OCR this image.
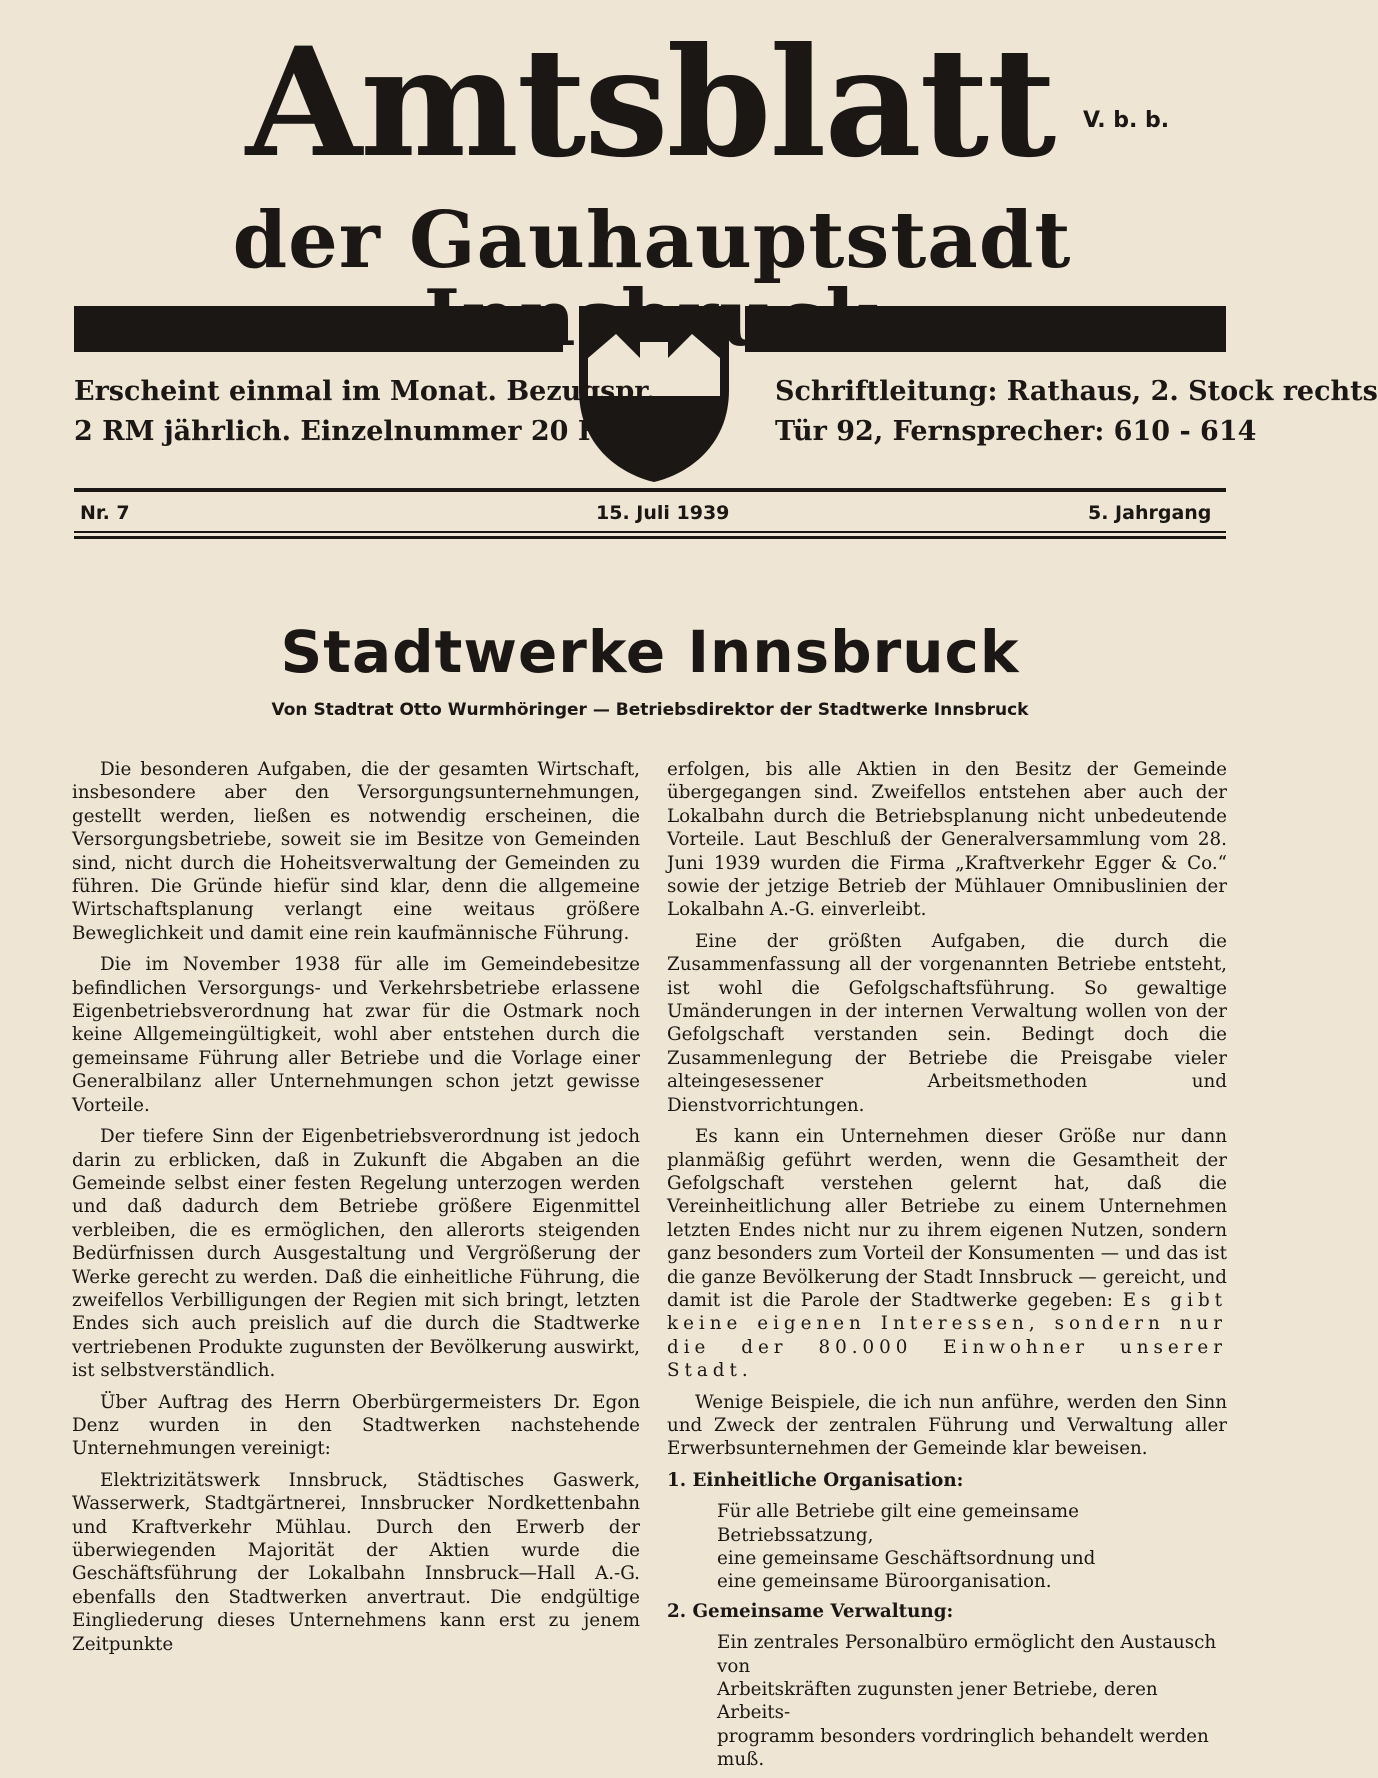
Amtsblatt	V. b. b.
der Gauhauptstadt
Erscheint einmal im Monat. Bezugspr.
2 RM jährlich. Einzelnummer 20 Rpf.
Schriftleitung: Rathaus, 2. Stock rechts
Tür 92, Fernsprecher: 610 - 614
Nr. 7	15. Juli 1939	5. Jahrgang
Stadtwerke Innsbruck
Von Stadtrat Otto Wurmhöringer — Betriebsdirektor der Stadtwerke Innsbruck

Die besonderen Aufgaben, die der gesamten Wirtschaft, insbesondere aber den Versorgungsunternehmungen, gestellt werden, ließen es notwendig erscheinen, die Versorgungsbetriebe, soweit sie im Besitze von Gemeinden sind, nicht durch die Hoheitsverwaltung der Gemeinden zu führen. Die Gründe hiefür sind klar, denn die allgemeine Wirtschaftsplanung verlangt eine weitaus größere Beweglichkeit und damit eine rein kaufmännische Führung.

Die im November 1938 für alle im Gemeindebesitze befindlichen Versorgungs- und Verkehrsbetriebe erlassene Eigenbetriebsverordnung hat zwar für die Ostmark noch keine Allgemeingültigkeit, wohl aber entstehen durch die gemeinsame Führung aller Betriebe und die Vorlage einer Generalbilanz aller Unternehmungen schon jetzt gewisse Vorteile.

Der tiefere Sinn der Eigenbetriebsverordnung ist jedoch darin zu erblicken, daß in Zukunft die Abgaben an die Gemeinde selbst einer festen Regelung unterzogen werden und daß dadurch dem Betriebe größere Eigenmittel verbleiben, die es ermöglichen, den allerorts steigenden Bedürfnissen durch Ausgestaltung und Vergrößerung der Werke gerecht zu werden. Daß die einheitliche Führung, die zweifellos Verbilligungen der Regien mit sich bringt, letzten Endes sich auch preislich auf die durch die Stadtwerke vertriebenen Produkte zugunsten der Bevölkerung auswirkt, ist selbstverständlich.

Über Auftrag des Herrn Oberbürgermeisters Dr. Egon Denz wurden in den Stadtwerken nachstehende Unternehmungen vereinigt:

Elektrizitätswerk Innsbruck, Städtisches Gaswerk, Wasserwerk, Stadtgärtnerei, Innsbrucker Nordkettenbahn und Kraftverkehr Mühlau. Durch den Erwerb der überwiegenden Majorität der Aktien wurde die Geschäftsführung der Lokalbahn Innsbruck—Hall A.-G. ebenfalls den Stadtwerken anvertraut. Die endgültige Eingliederung dieses Unternehmens kann erst zu jenem Zeitpunkte

erfolgen, bis alle Aktien in den Besitz der Gemeinde übergegangen sind. Zweifellos entstehen aber auch der Lokalbahn durch die Betriebsplanung nicht unbedeutende Vorteile. Laut Beschluß der Generalversammlung vom 28. Juni 1939 wurden die Firma „Kraftverkehr Egger & Co.“ sowie der jetzige Betrieb der Mühlauer Omnibuslinien der Lokalbahn A.-G. einverleibt.

Eine der größten Aufgaben, die durch die Zusammenfassung all der vorgenannten Betriebe entsteht, ist wohl die Gefolgschaftsführung. So gewaltige Umänderungen in der internen Verwaltung wollen von der Gefolgschaft verstanden sein. Bedingt doch die Zusammenlegung der Betriebe die Preisgabe vieler alteingesessener Arbeitsmethoden und Dienstvorrichtungen.

Es kann ein Unternehmen dieser Größe nur dann planmäßig geführt werden, wenn die Gesamtheit der Gefolgschaft verstehen gelernt hat, daß die Vereinheitlichung aller Betriebe zu einem Unternehmen letzten Endes nicht nur zu ihrem eigenen Nutzen, sondern ganz besonders zum Vorteil der Konsumenten — und das ist die ganze Bevölkerung der Stadt Innsbruck — gereicht, und damit ist die Parole der Stadtwerke gegeben: Es gibt keine eigenen Interessen, sondern nur die der 80.000 Einwohner unserer Stadt.

Wenige Beispiele, die ich nun anführe, werden den Sinn und Zweck der zentralen Führung und Verwaltung aller Erwerbsunternehmen der Gemeinde klar beweisen.

1. Einheitliche Organisation:

Für alle Betriebe gilt eine gemeinsame Betriebssatzung,
eine gemeinsame Geschäftsordnung und
eine gemeinsame Büroorganisation.

2. Gemeinsame Verwaltung:

Ein zentrales Personalbüro ermöglicht den Austausch von
Arbeitskräften zugunsten jener Betriebe, deren Arbeits-
programm besonders vordringlich behandelt werden muß.
